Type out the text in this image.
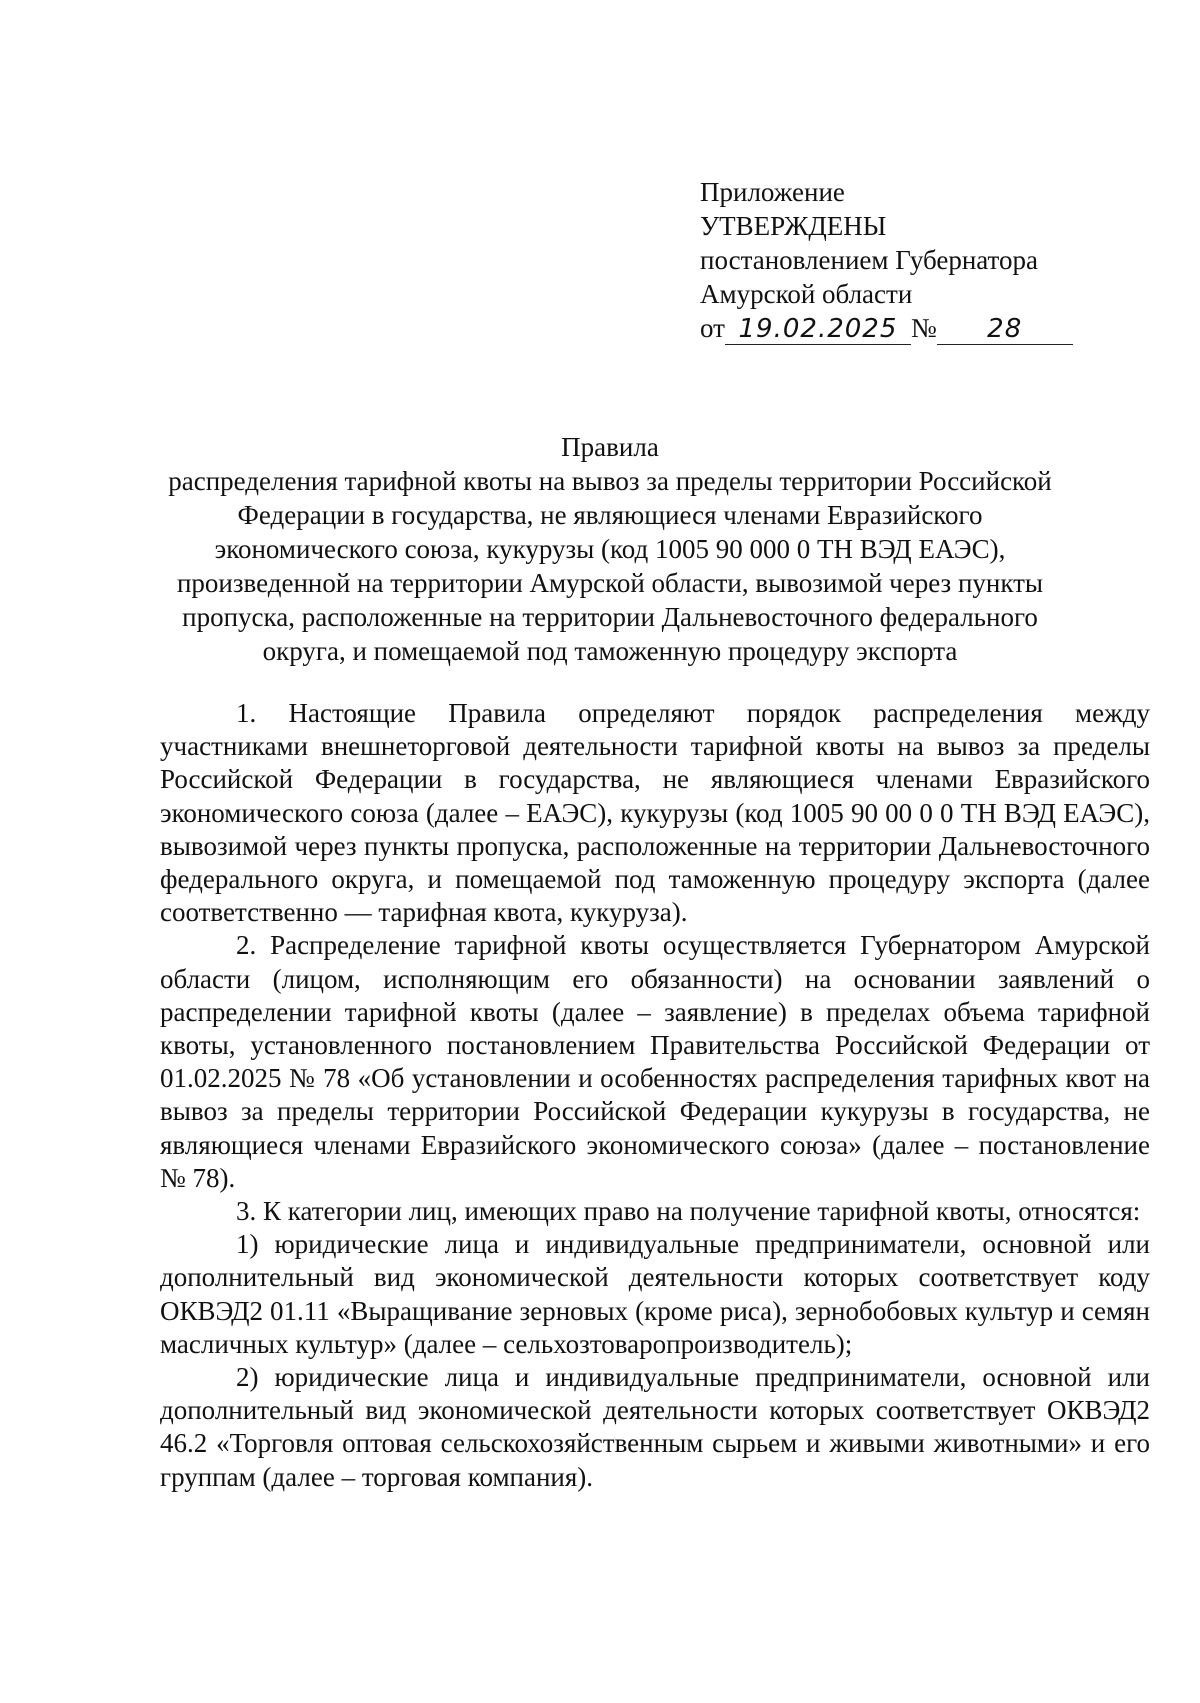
Приложение
УТВЕРЖДЕНЫ
постановлением Губернатора
Амурской области
от 19.02.2025 №	28
Правила
распределения тарифной квоты на вывоз за пределы территории Российской
Федерации в государства, не являющиеся членами Евразийского
экономического союза, кукурузы (код 1005 90 000 0 ТН ВЭД ЕАЭС),
произведенной на территории Амурской области, вывозимой через пункты
пропуска, расположенные на территории Дальневосточного федерального
округа, и помещаемой под таможенную процедуру экспорта

1. Настоящие Правила определяют порядок распределения между участниками внешнеторговой деятельности тарифной квоты на вывоз за пределы Российской Федерации в государства, не являющиеся членами Евразийского экономического союза (далее – ЕАЭС), кукурузы (код 1005 90 00 0 0 ТН ВЭД ЕАЭС), вывозимой через пункты пропуска, расположенные на территории Дальневосточного федерального округа, и помещаемой под таможенную процедуру экспорта (далее соответственно — тарифная квота, кукуруза).

2. Распределение тарифной квоты осуществляется Губернатором Амурской области (лицом, исполняющим его обязанности) на основании заявлений о распределении тарифной квоты (далее – заявление) в пределах объема тарифной квоты, установленного постановлением Правительства Российской Федерации от 01.02.2025 № 78 «Об установлении и особенностях распределения тарифных квот на вывоз за пределы территории Российской Федерации кукурузы в государства, не являющиеся членами Евразийского экономического союза» (далее – постановление № 78).

3. К категории лиц, имеющих право на получение тарифной квоты, относятся:

1) юридические лица и индивидуальные предприниматели, основной или дополнительный вид экономической деятельности которых соответствует коду ОКВЭД2 01.11 «Выращивание зерновых (кроме риса), зернобобовых культур и семян масличных культур» (далее – сельхозтоваропроизводитель);

2) юридические лица и индивидуальные предприниматели, основной или дополнительный вид экономической деятельности которых соответствует ОКВЭД2 46.2 «Торговля оптовая сельскохозяйственным сырьем и живыми животными» и его группам (далее – торговая компания).
